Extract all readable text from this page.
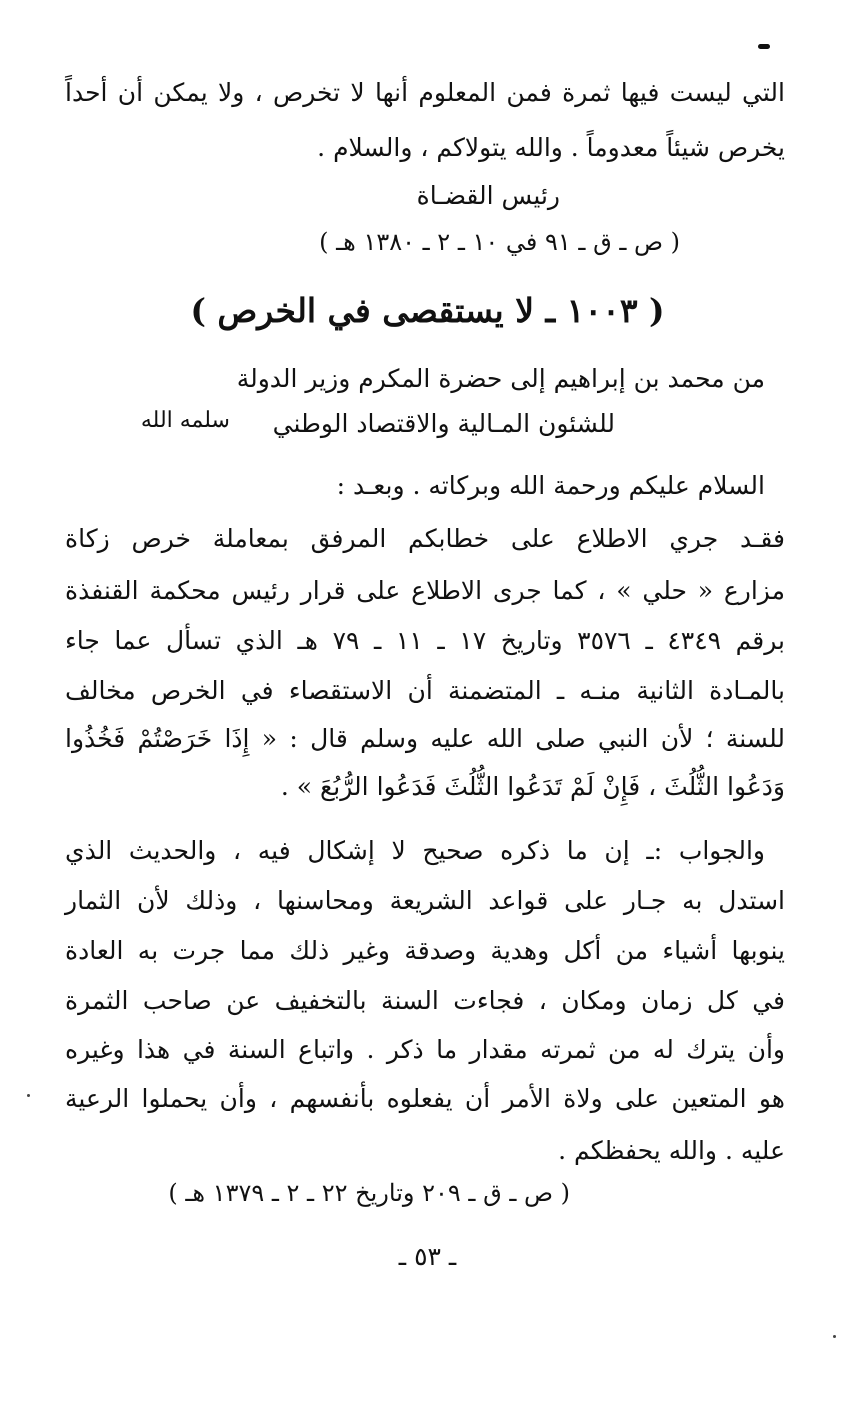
التي ليست فيها ثمرة فمن المعلوم أنها لا تخرص ، ولا يمكن أن أحداً
يخرص شيئاً معدوماً . والله يتولاكم ، والسلام .
رئيس القضـاة
( ص ـ ق ـ ٩١ في ١٠ ـ ٢ ـ ١٣٨٠ هـ )
( ١٠٠٣ ـ لا يستقصى في الخرص )
من محمد بن إبراهيم إلى حضرة المكرم وزير الدولة
للشئون المـالية والاقتصاد الوطني
سلمه الله
السلام عليكم ورحمة الله وبركاته . وبعـد :
فقـد جري الاطلاع على خطابكم المرفق بمعاملة خرص زكاة
مزارع « حلي » ، كما جرى الاطلاع على قرار رئيس محكمة القنفذة
برقم ٤٣٤٩ ـ ٣٥٧٦ وتاريخ ١٧ ـ ١١ ـ ٧٩ هـ الذي تسأل عما جاء
بالمـادة الثانية منـه ـ المتضمنة أن الاستقصاء في الخرص مخالف
للسنة ؛ لأن النبي صلى الله عليه وسلم قال : « إِذَا خَرَصْتُمْ فَخُذُوا
وَدَعُوا الثُّلُثَ ، فَإِنْ لَمْ تَدَعُوا الثُّلُثَ فَدَعُوا الرُّبُعَ » .
والجواب :ـ إن ما ذكره صحيح لا إشكال فيه ، والحديث الذي
استدل به جـار على قواعد الشريعة ومحاسنها ، وذلك لأن الثمار
ينوبها أشياء من أكل وهدية وصدقة وغير ذلك مما جرت به العادة
في كل زمان ومكان ، فجاءت السنة بالتخفيف عن صاحب الثمرة
وأن يترك له من ثمرته مقدار ما ذكر . واتباع السنة في هذا وغيره
هو المتعين على ولاة الأمر أن يفعلوه بأنفسهم ، وأن يحملوا الرعية
عليه . والله يحفظكم .
( ص ـ ق ـ ٢٠٩ وتاريخ ٢٢ ـ ٢ ـ ١٣٧٩ هـ )
ـ ٥٣ ـ
